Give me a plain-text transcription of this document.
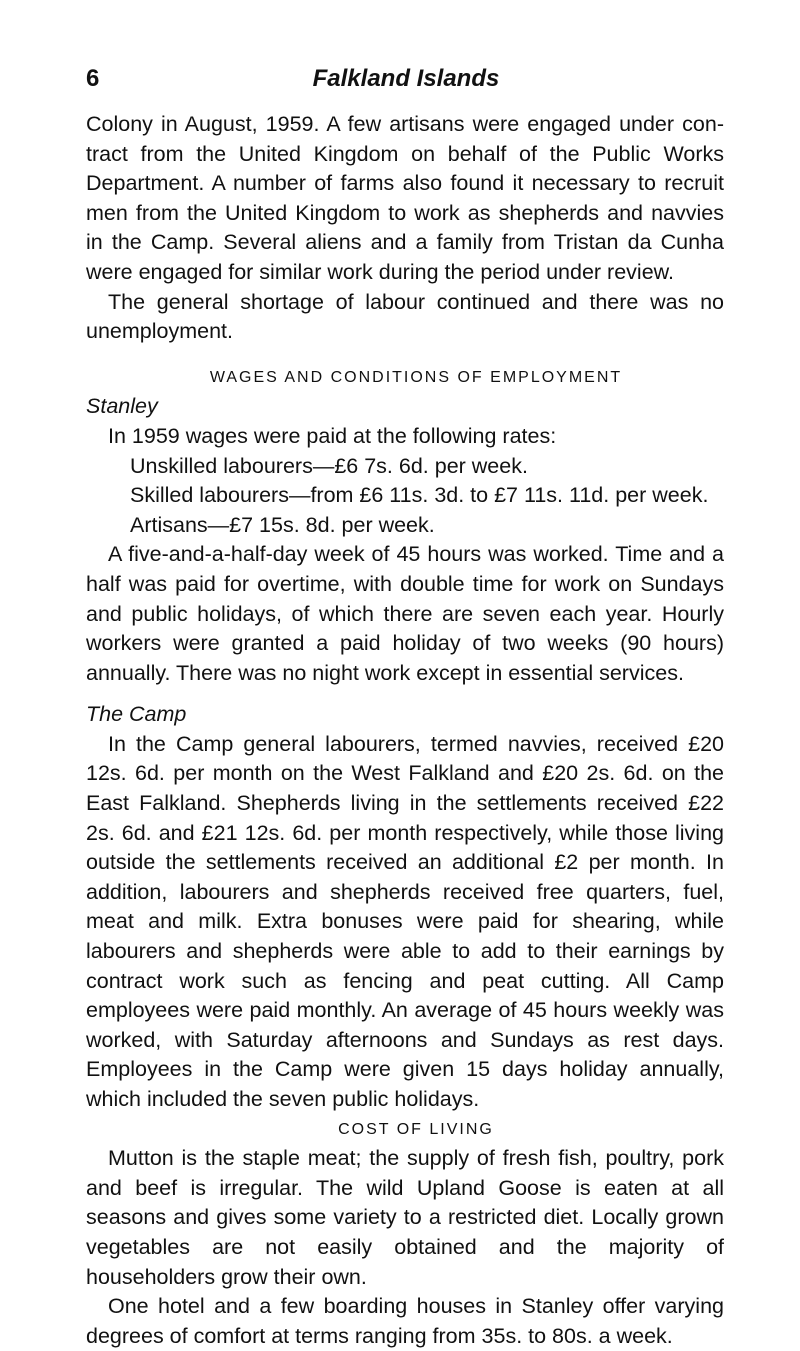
6	Falkland Islands

Colony in August, 1959. A few artisans were engaged under contract from the United Kingdom on behalf of the Public Works Department. A number of farms also found it necessary to recruit men from the United Kingdom to work as shepherds and navvies in the Camp. Several aliens and a family from Tristan da Cunha were engaged for similar work during the period under review.

The general shortage of labour continued and there was no unemployment.

WAGES AND CONDITIONS OF EMPLOYMENT
Stanley

In 1959 wages were paid at the following rates:

Unskilled labourers—£6 7s. 6d. per week.
Skilled labourers—from £6 11s. 3d. to £7 11s. 11d. per week.
Artisans—£7 15s. 8d. per week.

A five-and-a-half-day week of 45 hours was worked. Time and a half was paid for overtime, with double time for work on Sundays and public holidays, of which there are seven each year. Hourly workers were granted a paid holiday of two weeks (90 hours) annually. There was no night work except in essential services.

The Camp

In the Camp general labourers, termed navvies, received £20 12s. 6d. per month on the West Falkland and £20 2s. 6d. on the East Falkland. Shepherds living in the settlements received £22 2s. 6d. and £21 12s. 6d. per month respectively, while those living outside the settlements received an additional £2 per month. In addition, labourers and shepherds received free quarters, fuel, meat and milk. Extra bonuses were paid for shearing, while labourers and shepherds were able to add to their earnings by contract work such as fencing and peat cutting. All Camp employees were paid monthly. An average of 45 hours weekly was worked, with Saturday afternoons and Sundays as rest days. Employees in the Camp were given 15 days holiday annually, which included the seven public holidays.

COST OF LIVING

Mutton is the staple meat; the supply of fresh fish, poultry, pork and beef is irregular. The wild Upland Goose is eaten at all seasons and gives some variety to a restricted diet. Locally grown vegetables are not easily obtained and the majority of householders grow their own.

One hotel and a few boarding houses in Stanley offer varying degrees of comfort at terms ranging from 35s. to 80s. a week.
